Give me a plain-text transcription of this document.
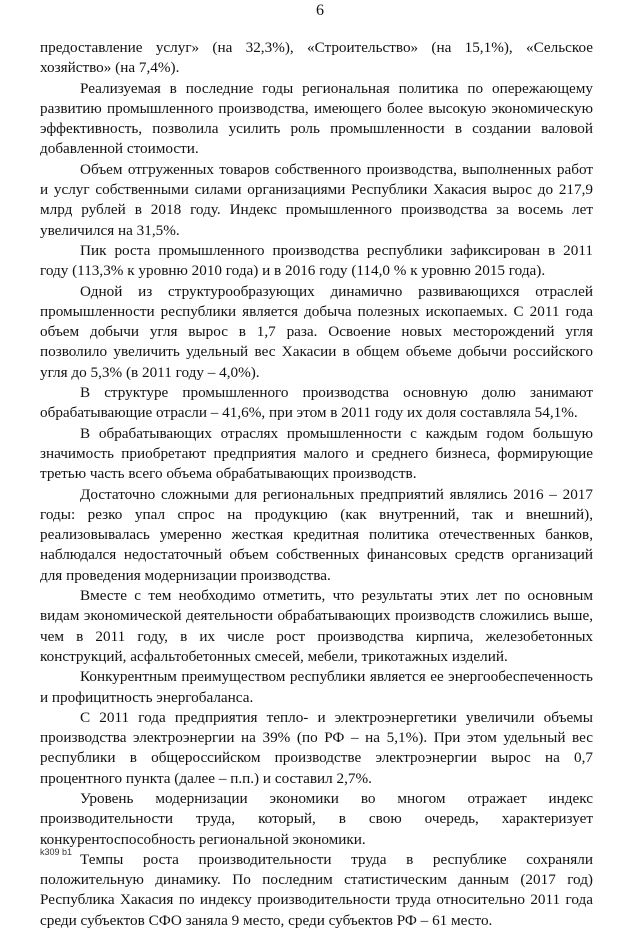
6

предоставление услуг» (на 32,3%), «Строительство» (на 15,1%), «Сельское хозяйство» (на 7,4%).

Реализуемая в последние годы региональная политика по опережающему развитию промышленного производства, имеющего более высокую экономическую эффективность, позволила усилить роль промышленности в создании валовой добавленной стоимости.

Объем отгруженных товаров собственного производства, выполненных работ и услуг собственными силами организациями Республики Хакасия вырос до 217,9 млрд рублей в 2018 году. Индекс промышленного производства за восемь лет увеличился на 31,5%.

Пик роста промышленного производства республики зафиксирован в 2011 году (113,3% к уровню 2010 года) и в 2016 году (114,0 % к уровню 2015 года).

Одной из структурообразующих динамично развивающихся отраслей промышленности республики является добыча полезных ископаемых. С 2011 года объем добычи угля вырос в 1,7 раза. Освоение новых месторождений угля позволило увеличить удельный вес Хакасии в общем объеме добычи российского угля до 5,3% (в 2011 году – 4,0%).

В структуре промышленного производства основную долю занимают обрабатывающие отрасли – 41,6%, при этом в 2011 году их доля составляла 54,1%.

В обрабатывающих отраслях промышленности с каждым годом большую значимость приобретают предприятия малого и среднего бизнеса, формирующие третью часть всего объема обрабатывающих производств.

Достаточно сложными для региональных предприятий являлись 2016 – 2017 годы: резко упал спрос на продукцию (как внутренний, так и внешний), реализовывалась умеренно жесткая кредитная политика отечественных банков, наблюдался недостаточный объем собственных финансовых средств организаций для проведения модернизации производства.

Вместе с тем необходимо отметить, что результаты этих лет по основным видам экономической деятельности обрабатывающих производств сложились выше, чем в 2011 году, в их числе рост производства кирпича, железобетонных конструкций, асфальтобетонных смесей, мебели, трикотажных изделий.

Конкурентным преимуществом республики является ее энергообеспеченность и профицитность энергобаланса.

С 2011 года предприятия тепло- и электроэнергетики увеличили объемы производства электроэнергии на 39% (по РФ – на 5,1%). При этом удельный вес республики в общероссийском производстве электроэнергии вырос на 0,7 процентного пункта (далее – п.п.) и составил 2,7%.

Уровень модернизации экономики во многом отражает индекс производительности труда, который, в свою очередь, характеризует конкурентоспособность региональной экономики.

Темпы роста производительности труда в республике сохраняли положительную динамику. По последним статистическим данным (2017 год) Республика Хакасия по индексу производительности труда относительно 2011 года среди субъектов СФО заняла 9 место, среди субъектов РФ – 61 место.

k309 b1
